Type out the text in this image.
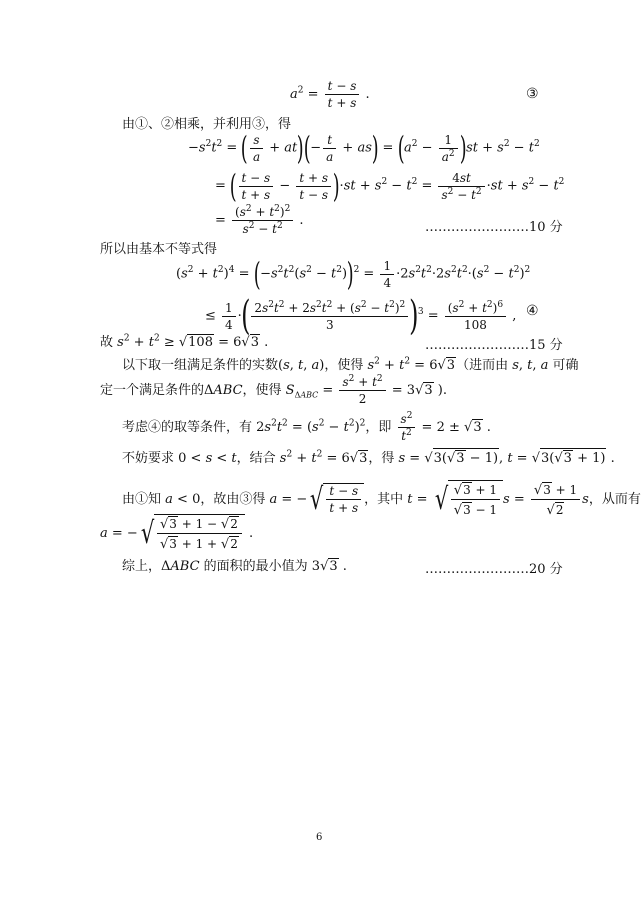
$a^2 = \frac{t - s}{t + s}$ .	③
由①、②相乘，并利用③，得
$-s^2t^2$ = ( $\frac{s}{a} + at)(- \frac{t}{a} + as) = (a^2 - \frac{1}{a^2} )st + s^2 - t^2$
= ( $\frac{t - s}{t + s} - \frac{t + s}{t - s} )\cdot st + s^2 - t^2 = \frac{4st}{s^2 - t^2} \cdot st + s^2 - t^2$
= $\frac{(s^2 + t^2)^2}{s^2 - t^2}$ .	……………………10 分
所以由基本不等式得
$(s^2 + t^2)^4 = (-s^2t^2(s^2 - t^2))^2 = \frac{1}{4} \cdot 2s^2t^2\cdot 2s^2t^2\cdot(s^2 - t^2)^2$
≤ $\frac{1}{4}$ ·( $\frac{2s^2t^2 + 2s^2t^2 + (s^2 - t^2)^2}{3} )^3 = \frac{(s^2 + t^2)^6}{108}$ , ④
故 $s^2 + t^2 \ge √108 = 6√3$ .	……………………15 分
以下取一组满足条件的实数(s, t, a)，使得 $s^2 + t^2 = 6√3$（进而由 s, t, a 可确
定一个满足条件的ΔABC，使得 $S_{\Delta ABC} = \frac{s^2 + t^2}{2} = 3√3$ ).
考虑④的取等条件，有 $2s^2t^2 = (s^2 - t^2)^2$，即 $\frac{s^2}{t^2} = 2 \pm √3$ .
不妨要求 0 < s < t，结合 $s^2 + t^2 = 6√3$，得 s = √3(√3 − 1), t = √3(√3 + 1) .
由①知 a < 0，故由③得 a = −√ $\frac{t - s}{t + s}$ ，其中 t = √ $\frac{√3 + 1}{√3 - 1}$ $s = \frac{√3 + 1}{√2}$ s，从而有
a = −√ $\frac{√3 + 1 - √2}{√3 + 1 + √2}$ .
综上，ΔABC 的面积的最小值为 3√3 .	……………………20 分
6
